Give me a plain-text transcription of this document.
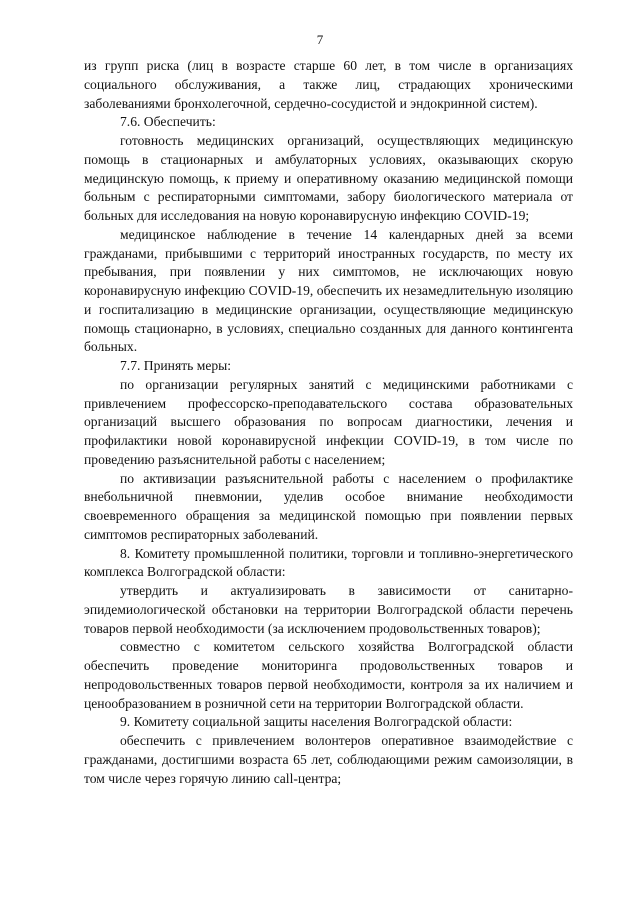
7

из групп риска (лиц в возрасте старше 60 лет, в том числе в организациях социального обслуживания, а также лиц, страдающих хроническими заболеваниями бронхолегочной, сердечно-сосудистой и эндокринной систем).

7.6. Обеспечить:

готовность медицинских организаций, осуществляющих медицинскую помощь в стационарных и амбулаторных условиях, оказывающих скорую медицинскую помощь, к приему и оперативному оказанию медицинской помощи больным с респираторными симптомами, забору биологического материала от больных для исследования на новую коронавирусную инфекцию COVID-19;

медицинское наблюдение в течение 14 календарных дней за всеми гражданами, прибывшими с территорий иностранных государств, по месту их пребывания, при появлении у них симптомов, не исключающих новую коронавирусную инфекцию COVID-19, обеспечить их незамедлительную изоляцию и госпитализацию в медицинские организации, осуществляющие медицинскую помощь стационарно, в условиях, специально созданных для данного контингента больных.

7.7. Принять меры:

по организации регулярных занятий с медицинскими работниками с привлечением профессорско-преподавательского состава образовательных организаций высшего образования по вопросам диагностики, лечения и профилактики новой коронавирусной инфекции COVID-19, в том числе по проведению разъяснительной работы с населением;

по активизации разъяснительной работы с населением о профилактике внебольничной пневмонии, уделив особое внимание необходимости своевременного обращения за медицинской помощью при появлении первых симптомов респираторных заболеваний.

8. Комитету промышленной политики, торговли и топливно-энергетического комплекса Волгоградской области:

утвердить и актуализировать в зависимости от санитарно-эпидемиологической обстановки на территории Волгоградской области перечень товаров первой необходимости (за исключением продовольственных товаров);

совместно с комитетом сельского хозяйства Волгоградской области обеспечить проведение мониторинга продовольственных товаров и непродовольственных товаров первой необходимости, контроля за их наличием и ценообразованием в розничной сети на территории Волгоградской области.

9. Комитету социальной защиты населения Волгоградской области:

обеспечить с привлечением волонтеров оперативное взаимодействие с гражданами, достигшими возраста 65 лет, соблюдающими режим самоизоляции, в том числе через горячую линию call-центра;
